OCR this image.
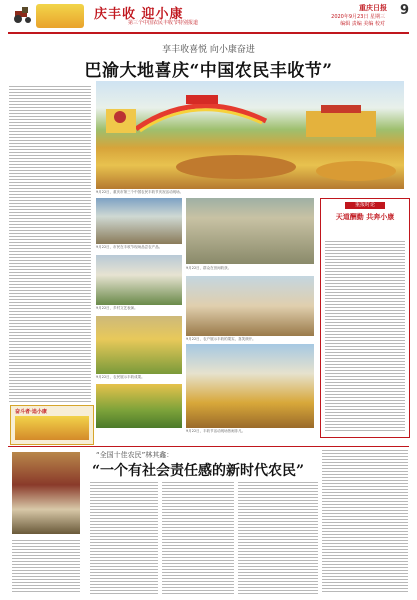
庆丰收 迎小康
第三个中国农民丰收节特别报道
重庆日报
2020年9月23日 星期三
编辑 责编 美编 校对
9
享丰收喜悦 向小康奋进
巴渝大地喜庆“中国农民丰收节”
9月22日，重庆市第三个中国农民丰收节庆祝活动现场。
9月22日，市民在丰收节现场品尝农产品。
9月22日，乡村文艺表演。
9月22日，农民展示丰收成果。
9月22日，群众在田间收获。
9月22日，农户展示丰收的果实，喜笑颜开。
9月22日，丰收节活动现场热闹非凡。
重报时论
天道酬勤 共奔小康
奋斗者·追小康
“全国十佳农民”林其鑫：
“一个有社会责任感的新时代农民”
